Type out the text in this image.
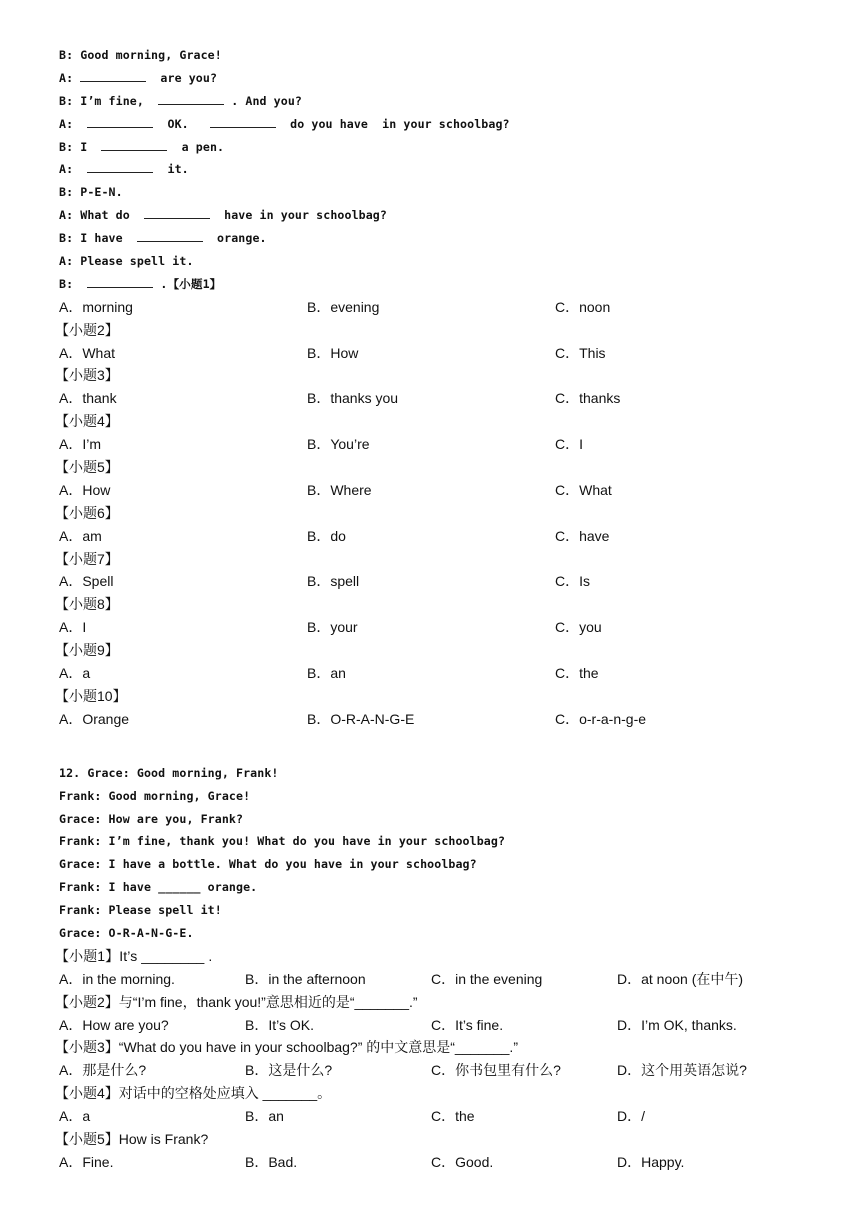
B: Good morning, Grace!
A:	are you?
B: I’m fine,	. And you?
A:	OK.	do you have  in your schoolbag?
B: I	a pen.
A:	it.
B: P-E-N.
A: What do	have in your schoolbag?
B: I have	orange.
A: Please spell it.
B:	.【小题1】
A．morning	B．evening	C．noon
【小题2】
A．What	B．How	C．This
【小题3】
A．thank	B．thanks you	C．thanks
【小题4】
A．I’m	B．You’re	C．I
【小题5】
A．How	B．Where	C．What
【小题6】
A．am	B．do	C．have
【小题7】
A．Spell	B．spell	C．Is
【小题8】
A．I	B．your	C．you
【小题9】
A．a	B．an	C．the
【小题10】
A．Orange	B．O-R-A-N-G-E	C．o-r-a-n-g-e
12. Grace: Good morning, Frank!
Frank: Good morning, Grace!
Grace: How are you, Frank?
Frank: I’m fine, thank you! What do you have in your schoolbag?
Grace: I have a bottle. What do you have in your schoolbag?
Frank: I have ______ orange.
Frank: Please spell it!
Grace: O-R-A-N-G-E.
【小题1】It’s ________ .
A．in the morning.	B．in the afternoon	C．in the evening	D．at noon (在中午)
【小题2】与“I’m fine，thank you!”意思相近的是“_______.”
A．How are you?	B．It’s OK.	C．It’s fine.	D．I’m OK, thanks.
【小题3】“What do you have in your schoolbag?” 的中文意思是“_______.”
A．那是什么?	B．这是什么?	C．你书包里有什么?	D．这个用英语怎说?
【小题4】对话中的空格处应填入 _______。
A．a	B．an	C．the	D．/
【小题5】How is Frank?
A．Fine.	B．Bad.	C．Good.	D．Happy.
